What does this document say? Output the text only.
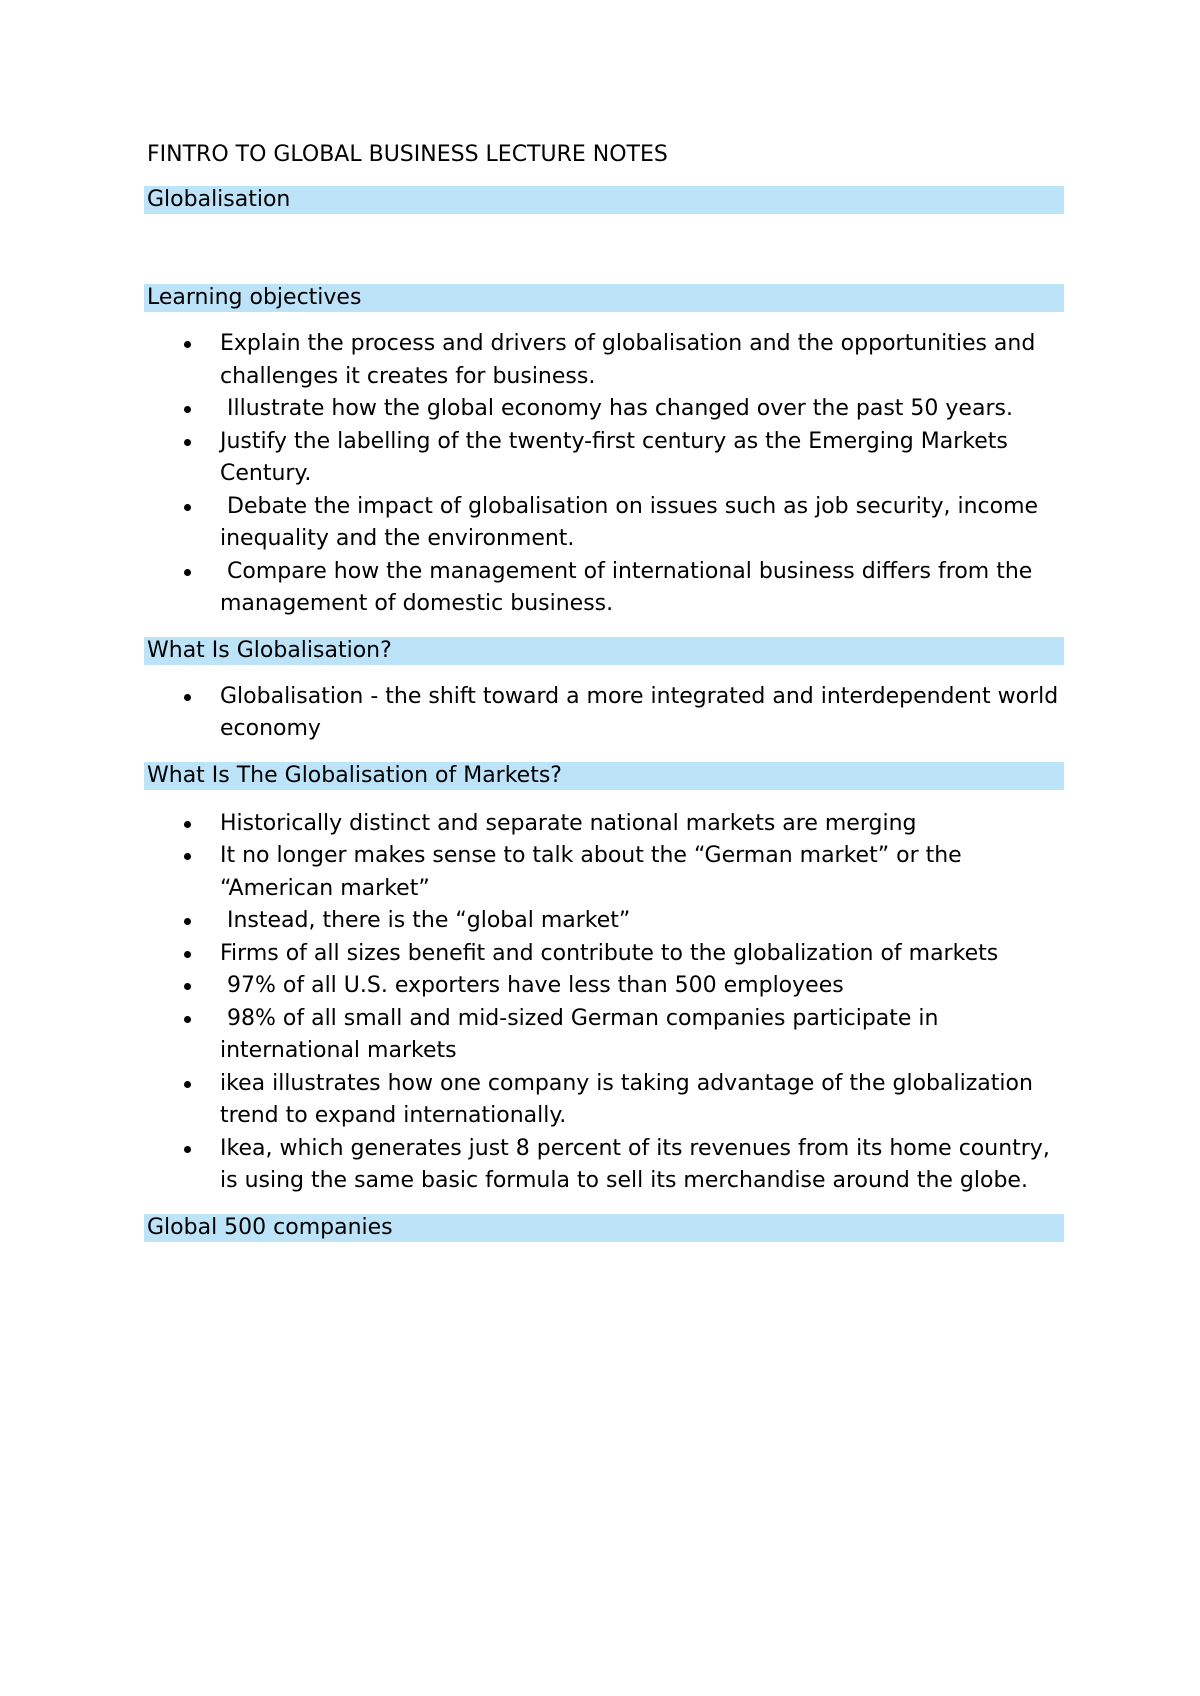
FINTRO TO GLOBAL BUSINESS LECTURE NOTES
Globalisation
Learning objectives
Explain the process and drivers of globalisation and the opportunities and challenges it creates for business.
Illustrate how the global economy has changed over the past 50 years.
Justify the labelling of the twenty-first century as the Emerging Markets Century.
Debate the impact of globalisation on issues such as job security, income inequality and the environment.
Compare how the management of international business differs from the management of domestic business.
What Is Globalisation?
Globalisation - the shift toward a more integrated and interdependent world economy
What Is The Globalisation of Markets?
Historically distinct and separate national markets are merging
It no longer makes sense to talk about the “German market” or the “American market”
Instead, there is the “global market”
Firms of all sizes benefit and contribute to the globalization of markets
97% of all U.S. exporters have less than 500 employees
98% of all small and mid-sized German companies participate in international markets
ikea illustrates how one company is taking advantage of the globalization trend to expand internationally.
Ikea, which generates just 8 percent of its revenues from its home country, is using the same basic formula to sell its merchandise around the globe.
Global 500 companies
